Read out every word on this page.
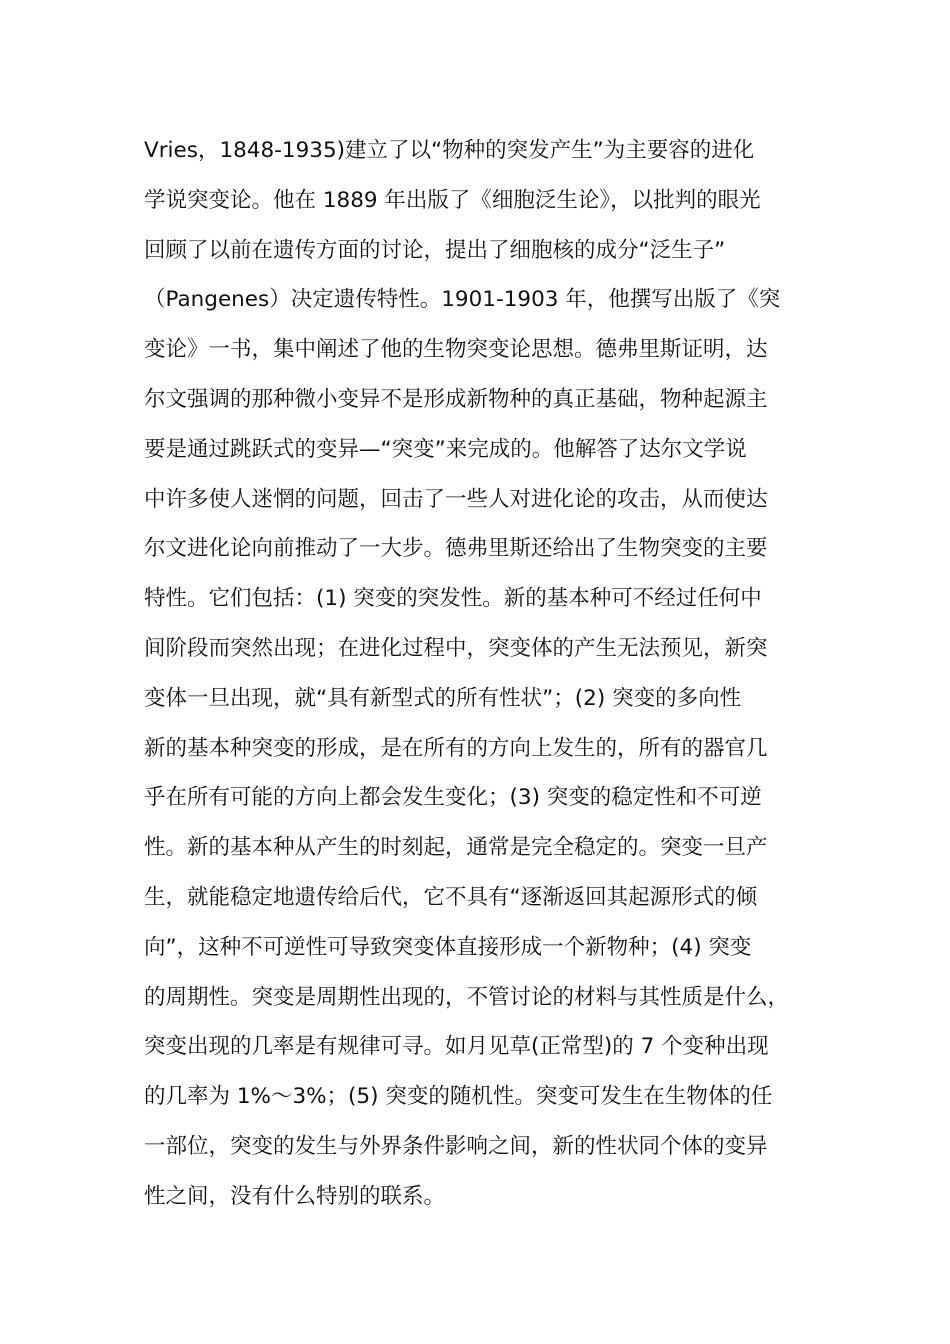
Vries，1848-1935)建立了以“物种的突发产生”为主要容的进化
学说突变论。他在 1889 年出版了《细胞泛生论》，以批判的眼光
回顾了以前在遗传方面的讨论，提出了细胞核的成分“泛生子”
（Pangenes）决定遗传特性。1901-1903 年，他撰写出版了《突
变论》一书，集中阐述了他的生物突变论思想。德弗里斯证明，达
尔文强调的那种微小变异不是形成新物种的真正基础，物种起源主
要是通过跳跃式的变异—“突变”来完成的。他解答了达尔文学说
中许多使人迷惘的问题，回击了一些人对进化论的攻击，从而使达
尔文进化论向前推动了一大步。德弗里斯还给出了生物突变的主要
特性。它们包括：(1) 突变的突发性。新的基本种可不经过任何中
间阶段而突然出现；在进化过程中，突变体的产生无法预见，新突
变体一旦出现，就“具有新型式的所有性状”；(2) 突变的多向性
新的基本种突变的形成，是在所有的方向上发生的，所有的器官几
乎在所有可能的方向上都会发生变化；(3) 突变的稳定性和不可逆
性。新的基本种从产生的时刻起，通常是完全稳定的。突变一旦产
生，就能稳定地遗传给后代，它不具有“逐渐返回其起源形式的倾
向”，这种不可逆性可导致突变体直接形成一个新物种；(4) 突变
的周期性。突变是周期性出现的，不管讨论的材料与其性质是什么，
突变出现的几率是有规律可寻。如月见草(正常型)的 7 个变种出现
的几率为 1%～3%；(5) 突变的随机性。突变可发生在生物体的任
一部位，突变的发生与外界条件影响之间，新的性状同个体的变异
性之间，没有什么特别的联系。
